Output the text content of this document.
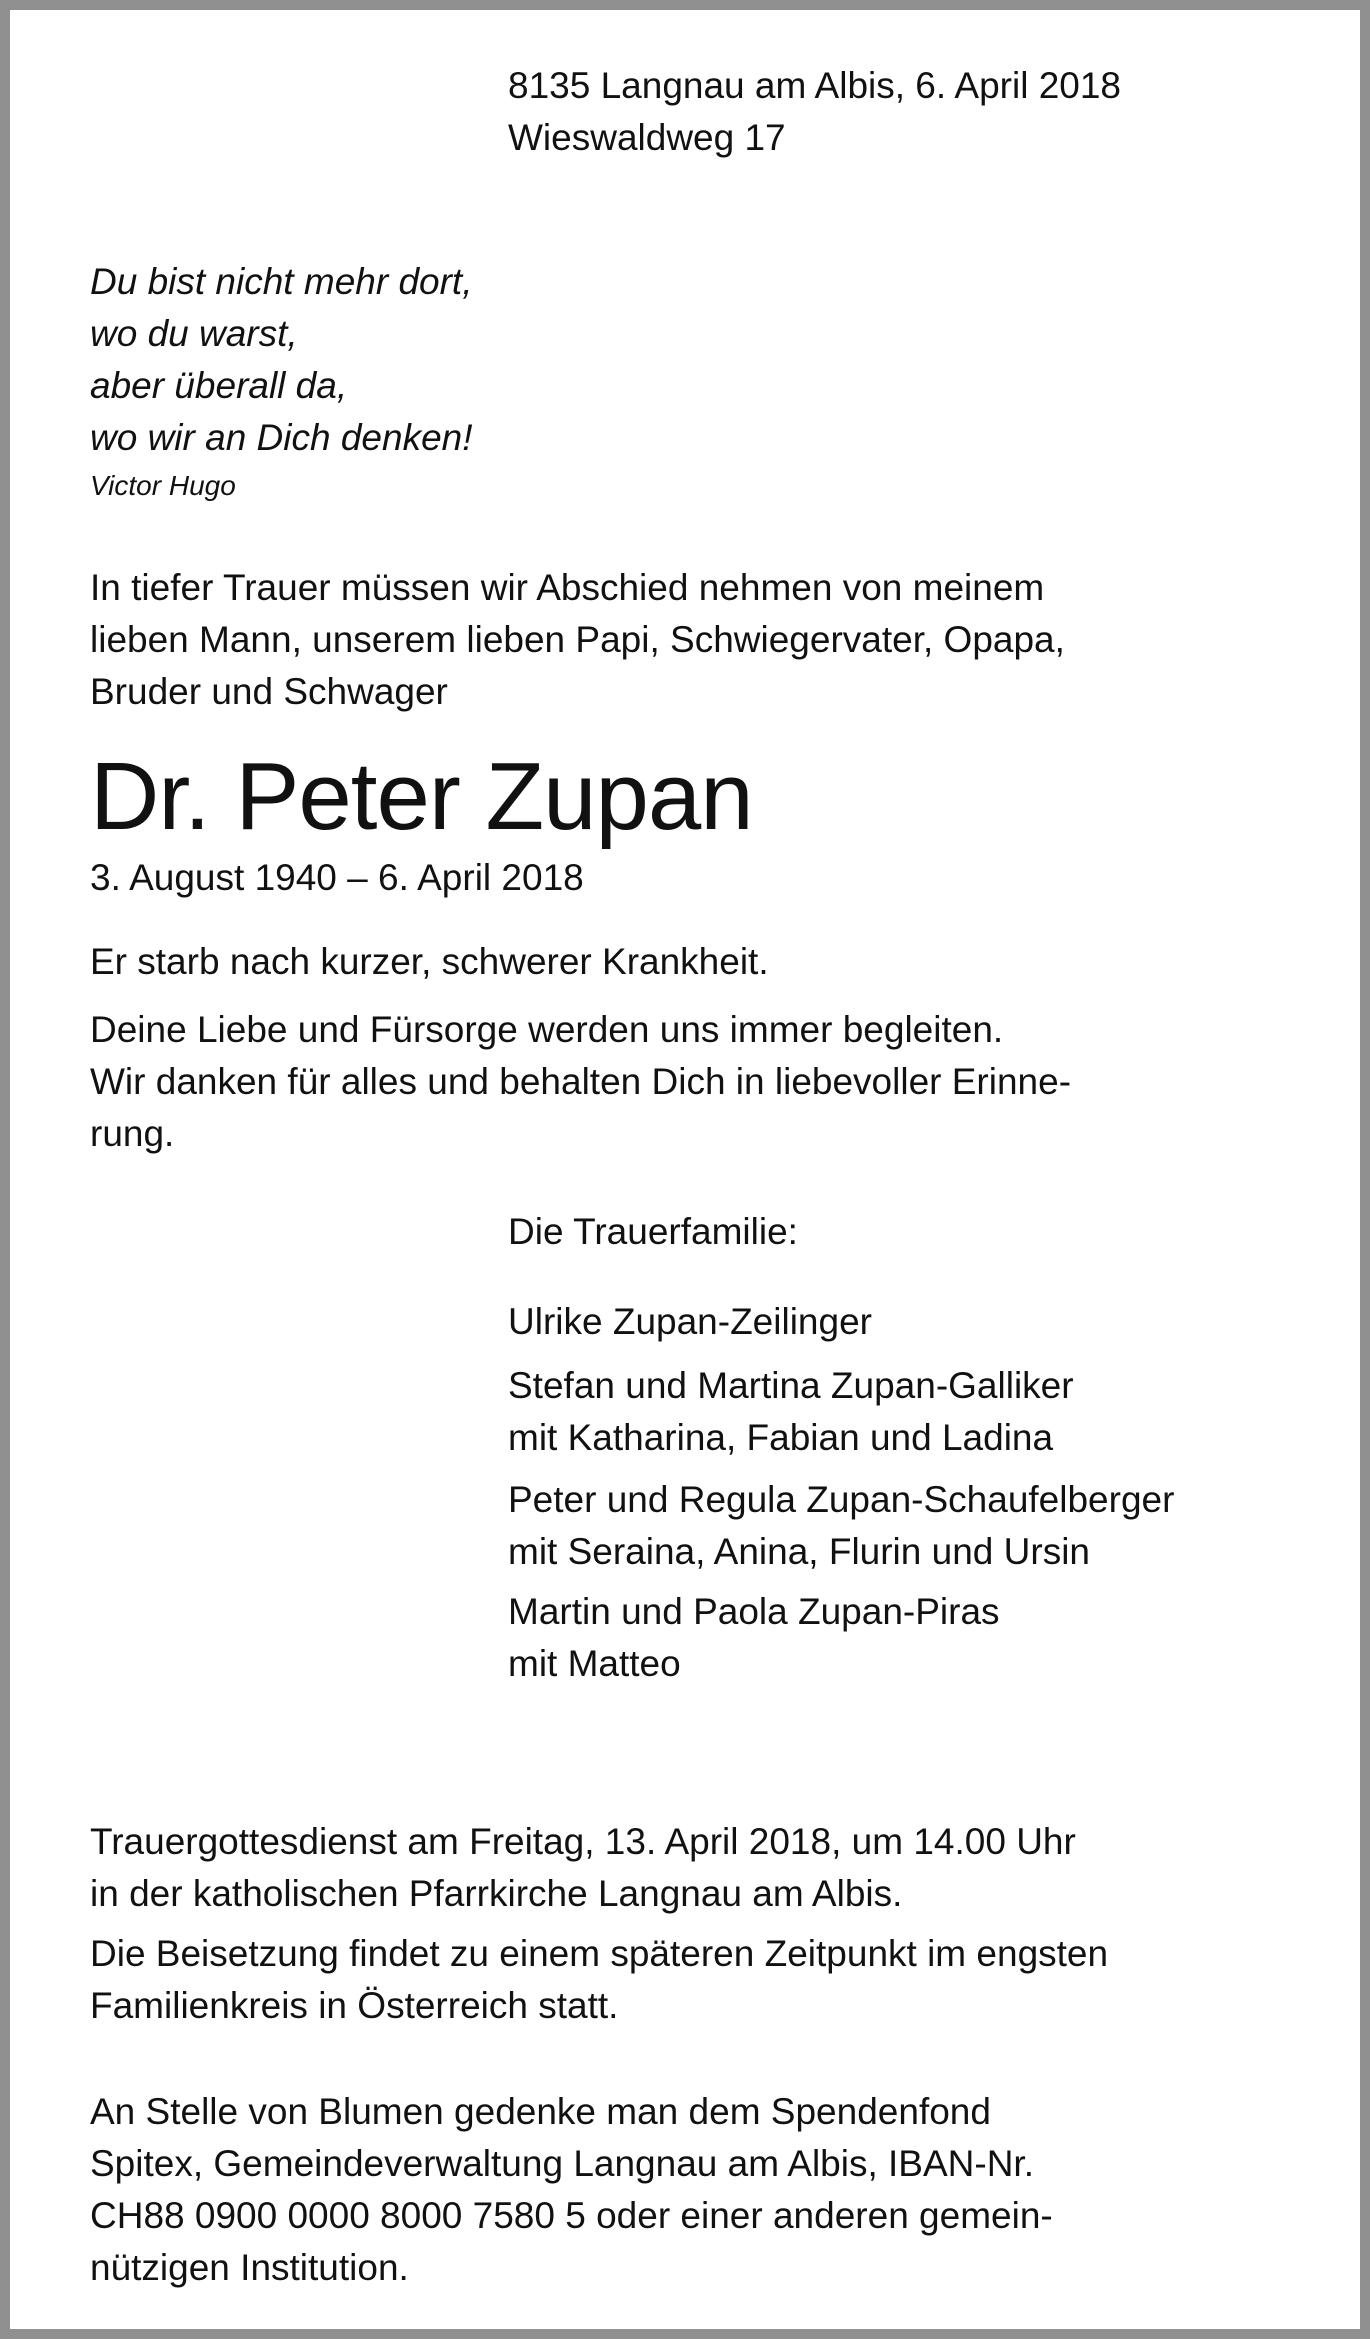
8135 Langnau am Albis, 6. April 2018
Wieswaldweg 17
Du bist nicht mehr dort,
wo du warst,
aber überall da,
wo wir an Dich denken!
Victor Hugo
In tiefer Trauer müssen wir Abschied nehmen von meinem
lieben Mann, unserem lieben Papi, Schwiegervater, Opapa,
Bruder und Schwager
Dr. Peter Zupan
3. August 1940 – 6. April 2018
Er starb nach kurzer, schwerer Krankheit.
Deine Liebe und Fürsorge werden uns immer begleiten.
Wir danken für alles und behalten Dich in liebevoller Erinne-
rung.
Die Trauerfamilie:
Ulrike Zupan-Zeilinger
Stefan und Martina Zupan-Galliker
mit Katharina, Fabian und Ladina
Peter und Regula Zupan-Schaufelberger
mit Seraina, Anina, Flurin und Ursin
Martin und Paola Zupan-Piras
mit Matteo
Trauergottesdienst am Freitag, 13. April 2018, um 14.00 Uhr
in der katholischen Pfarrkirche Langnau am Albis.
Die Beisetzung findet zu einem späteren Zeitpunkt im engsten
Familienkreis in Österreich statt.
An Stelle von Blumen gedenke man dem Spendenfond
Spitex, Gemeindeverwaltung Langnau am Albis, IBAN-Nr.
CH88 0900 0000 8000 7580 5 oder einer anderen gemein-
nützigen Institution.
